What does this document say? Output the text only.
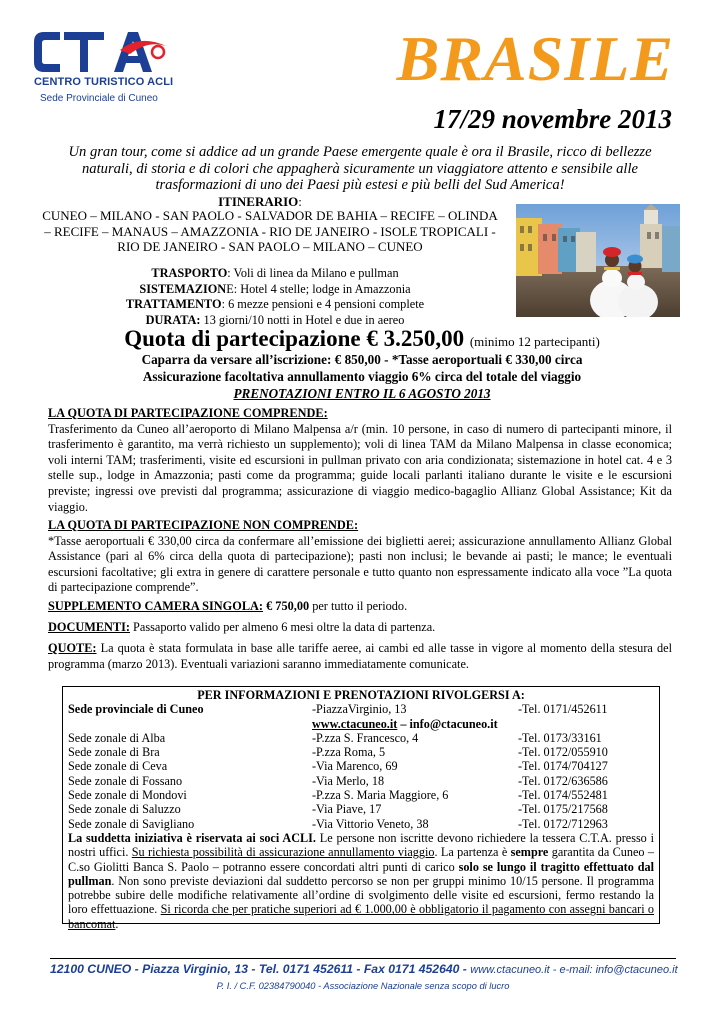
CENTRO TURISTICO ACLI
Sede Provinciale di Cuneo
BRASILE
17/29 novembre 2013
Un gran tour, come si addice ad un grande Paese emergente quale è ora il Brasile, ricco di bellezze naturali, di storia e di colori che appagherà sicuramente un viaggiatore attento e sensibile alle trasformazioni di uno dei Paesi più estesi e più belli del Sud America!
ITINERARIO:
CUNEO – MILANO - SAN PAOLO - SALVADOR DE BAHIA – RECIFE – OLINDA – RECIFE – MANAUS – AMAZZONIA - RIO DE JANEIRO - ISOLE TROPICALI - RIO DE JANEIRO - SAN PAOLO – MILANO – CUNEO
TRASPORTO: Voli di linea da Milano e pullman
SISTEMAZIONE: Hotel 4 stelle; lodge in Amazzonia
TRATTAMENTO: 6 mezze pensioni e 4 pensioni complete
DURATA: 13 giorni/10 notti in Hotel e due in aereo
Quota di partecipazione € 3.250,00 (minimo 12 partecipanti)
Caparra da versare all’iscrizione: € 850,00 - *Tasse aeroportuali € 330,00 circa
Assicurazione facoltativa annullamento viaggio 6% circa del totale del viaggio
PRENOTAZIONI ENTRO IL 6 AGOSTO 2013
LA QUOTA DI PARTECIPAZIONE COMPRENDE:
Trasferimento da Cuneo all’aeroporto di Milano Malpensa a/r (min. 10 persone, in caso di numero di partecipanti minore, il trasferimento è garantito, ma verrà richiesto un supplemento); voli di linea TAM da Milano Malpensa in classe economica; voli interni TAM; trasferimenti, visite ed escursioni in pullman privato con aria condizionata; sistemazione in hotel cat. 4 e 3 stelle sup., lodge in Amazzonia; pasti come da programma; guide locali parlanti italiano durante le visite e le escursioni previste; ingressi ove previsti dal programma; assicurazione di viaggio medico-bagaglio Allianz Global Assistance; Kit da viaggio.
LA QUOTA DI PARTECIPAZIONE NON COMPRENDE:
*Tasse aeroportuali € 330,00 circa da confermare all’emissione dei biglietti aerei; assicurazione annullamento Allianz Global Assistance (pari al 6% circa della quota di partecipazione); pasti non inclusi; le bevande ai pasti; le mance; le eventuali escursioni facoltative; gli extra in genere di carattere personale e tutto quanto non espressamente indicato alla voce ”La quota di partecipazione comprende”.
SUPPLEMENTO CAMERA SINGOLA: € 750,00 per tutto il periodo.
DOCUMENTI: Passaporto valido per almeno 6 mesi oltre la data di partenza.
QUOTE: La quota è stata formulata in base alle tariffe aeree, ai cambi ed alle tasse in vigore al momento della stesura del programma (marzo 2013). Eventuali variazioni saranno immediatamente comunicate.
PER INFORMAZIONI E PRENOTAZIONI RIVOLGERSI A:
Sede provinciale di Cuneo	-PiazzaVirginio, 13	-Tel. 0171/452611
www.ctacuneo.it – info@ctacuneo.it
Sede zonale di Alba	-P.zza S. Francesco, 4	-Tel. 0173/33161
Sede zonale di Bra	-P.zza Roma, 5	-Tel. 0172/055910
Sede zonale di Ceva	-Via Marenco, 69	-Tel. 0174/704127
Sede zonale di Fossano	-Via Merlo, 18	-Tel. 0172/636586
Sede zonale di Mondovi	-P.zza S. Maria Maggiore, 6	-Tel. 0174/552481
Sede zonale di Saluzzo	-Via Piave, 17	-Tel. 0175/217568
Sede zonale di Savigliano	-Via Vittorio Veneto, 38	-Tel. 0172/712963
La suddetta iniziativa è riservata ai soci ACLI. Le persone non iscritte devono richiedere la tessera C.T.A. presso i nostri uffici. Su richiesta possibilità di assicurazione annullamento viaggio. La partenza è sempre garantita da Cuneo – C.so Giolitti Banca S. Paolo – potranno essere concordati altri punti di carico solo se lungo il tragitto effettuato dal pullman. Non sono previste deviazioni dal suddetto percorso se non per gruppi minimo 10/15 persone. Il programma potrebbe subire delle modifiche relativamente all’ordine di svolgimento delle visite ed escursioni, fermo restando la loro effettuazione. Si ricorda che per pratiche superiori ad € 1.000,00 è obbligatorio il pagamento con assegni bancari o bancomat.
12100 CUNEO - Piazza Virginio, 13 - Tel. 0171 452611 - Fax 0171 452640 - www.ctacuneo.it - e-mail: info@ctacuneo.it
P. I. / C.F. 02384790040 - Associazione Nazionale senza scopo di lucro
